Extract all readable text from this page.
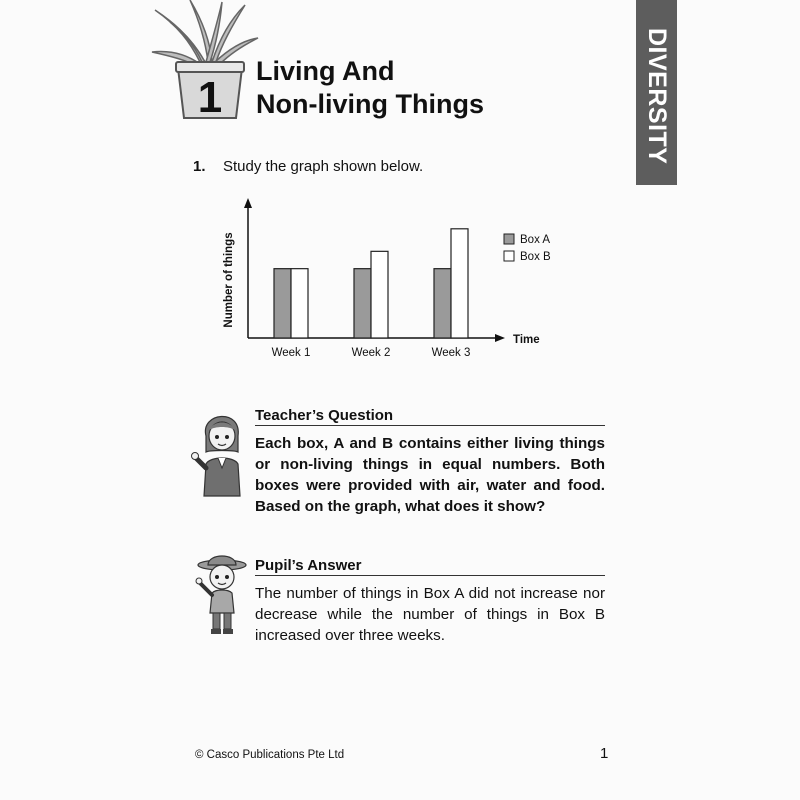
1
Living And
Non-living Things	DIVERSITY
1. Study the graph shown below.
Time
Number of things
Week 1	Week 2	Week 3
Box A
Box B
Teacher’s Question
Each box, A and B contains either living things or non-living things in equal numbers. Both boxes were provided with air, water and food. Based on the graph, what does it show?
Pupil’s Answer
The number of things in Box A did not increase nor decrease while the number of things in Box B increased over three weeks.
© Casco Publications Pte Ltd	1
